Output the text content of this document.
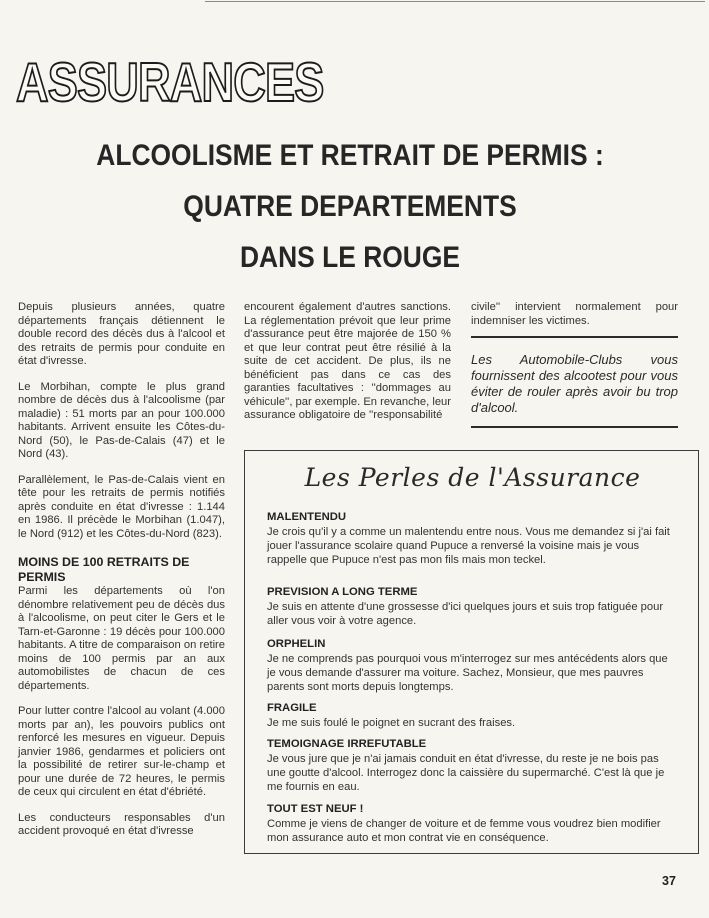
ASSURANCES
ALCOOLISME ET RETRAIT DE PERMIS :
QUATRE DEPARTEMENTS
DANS LE ROUGE

Depuis plusieurs années, quatre départements français détiennent le double record des décès dus à l'alcool et des retraits de permis pour conduite en état d'ivresse.

Le Morbihan, compte le plus grand nombre de décès dus à l'alcoolisme (par maladie) : 51 morts par an pour 100.000 habitants. Arrivent ensuite les Côtes-du-Nord (50), le Pas-de-Calais (47) et le Nord (43).

Parallèlement, le Pas-de-Calais vient en tête pour les retraits de permis notifiés après conduite en état d'ivresse : 1.144 en 1986. Il précède le Morbihan (1.047), le Nord (912) et les Côtes-du-Nord (823).

MOINS DE 100 RETRAITS DE PERMIS

Parmi les départements où l'on dénombre relativement peu de décès dus à l'alcoolisme, on peut citer le Gers et le Tarn-et-Garonne : 19 décès pour 100.000 habitants. A titre de comparaison on retire moins de 100 permis par an aux automobilistes de chacun de ces départements.

Pour lutter contre l'alcool au volant (4.000 morts par an), les pouvoirs publics ont renforcé les mesures en vigueur. Depuis janvier 1986, gendarmes et policiers ont la possibilité de retirer sur-le-champ et pour une durée de 72 heures, le permis de ceux qui circulent en état d'ébriété.

Les conducteurs responsables d'un accident provoqué en état d'ivresse

encourent également d'autres sanctions. La réglementation prévoit que leur prime d'assurance peut être majorée de 150 % et que leur contrat peut être résilié à la suite de cet accident. De plus, ils ne bénéficient pas dans ce cas des garanties facultatives : ''dommages au véhicule'', par exemple. En revanche, leur assurance obligatoire de ''responsabilité

civile'' intervient normalement pour indemniser les victimes.

Les Automobile-Clubs vous fournissent des alcootest pour vous éviter de rouler après avoir bu trop d'alcool.
Les Perles de l'Assurance
MALENTENDU
Je crois qu'il y a comme un malentendu entre nous. Vous me demandez si j'ai fait jouer l'assurance scolaire quand Pupuce a renversé la voisine mais je vous rappelle que Pupuce n'est pas mon fils mais mon teckel.
PREVISION A LONG TERME
Je suis en attente d'une grossesse d'ici quelques jours et suis trop fatiguée pour aller vous voir à votre agence.
ORPHELIN
Je ne comprends pas pourquoi vous m'interrogez sur mes antécédents alors que je vous demande d'assurer ma voiture. Sachez, Monsieur, que mes pauvres parents sont morts depuis longtemps.
FRAGILE
Je me suis foulé le poignet en sucrant des fraises.
TEMOIGNAGE IRREFUTABLE
Je vous jure que je n'ai jamais conduit en état d'ivresse, du reste je ne bois pas une goutte d'alcool. Interrogez donc la caissière du supermarché. C'est là que je me fournis en eau.
TOUT EST NEUF !
Comme je viens de changer de voiture et de femme vous voudrez bien modifier mon assurance auto et mon contrat vie en conséquence.
37
